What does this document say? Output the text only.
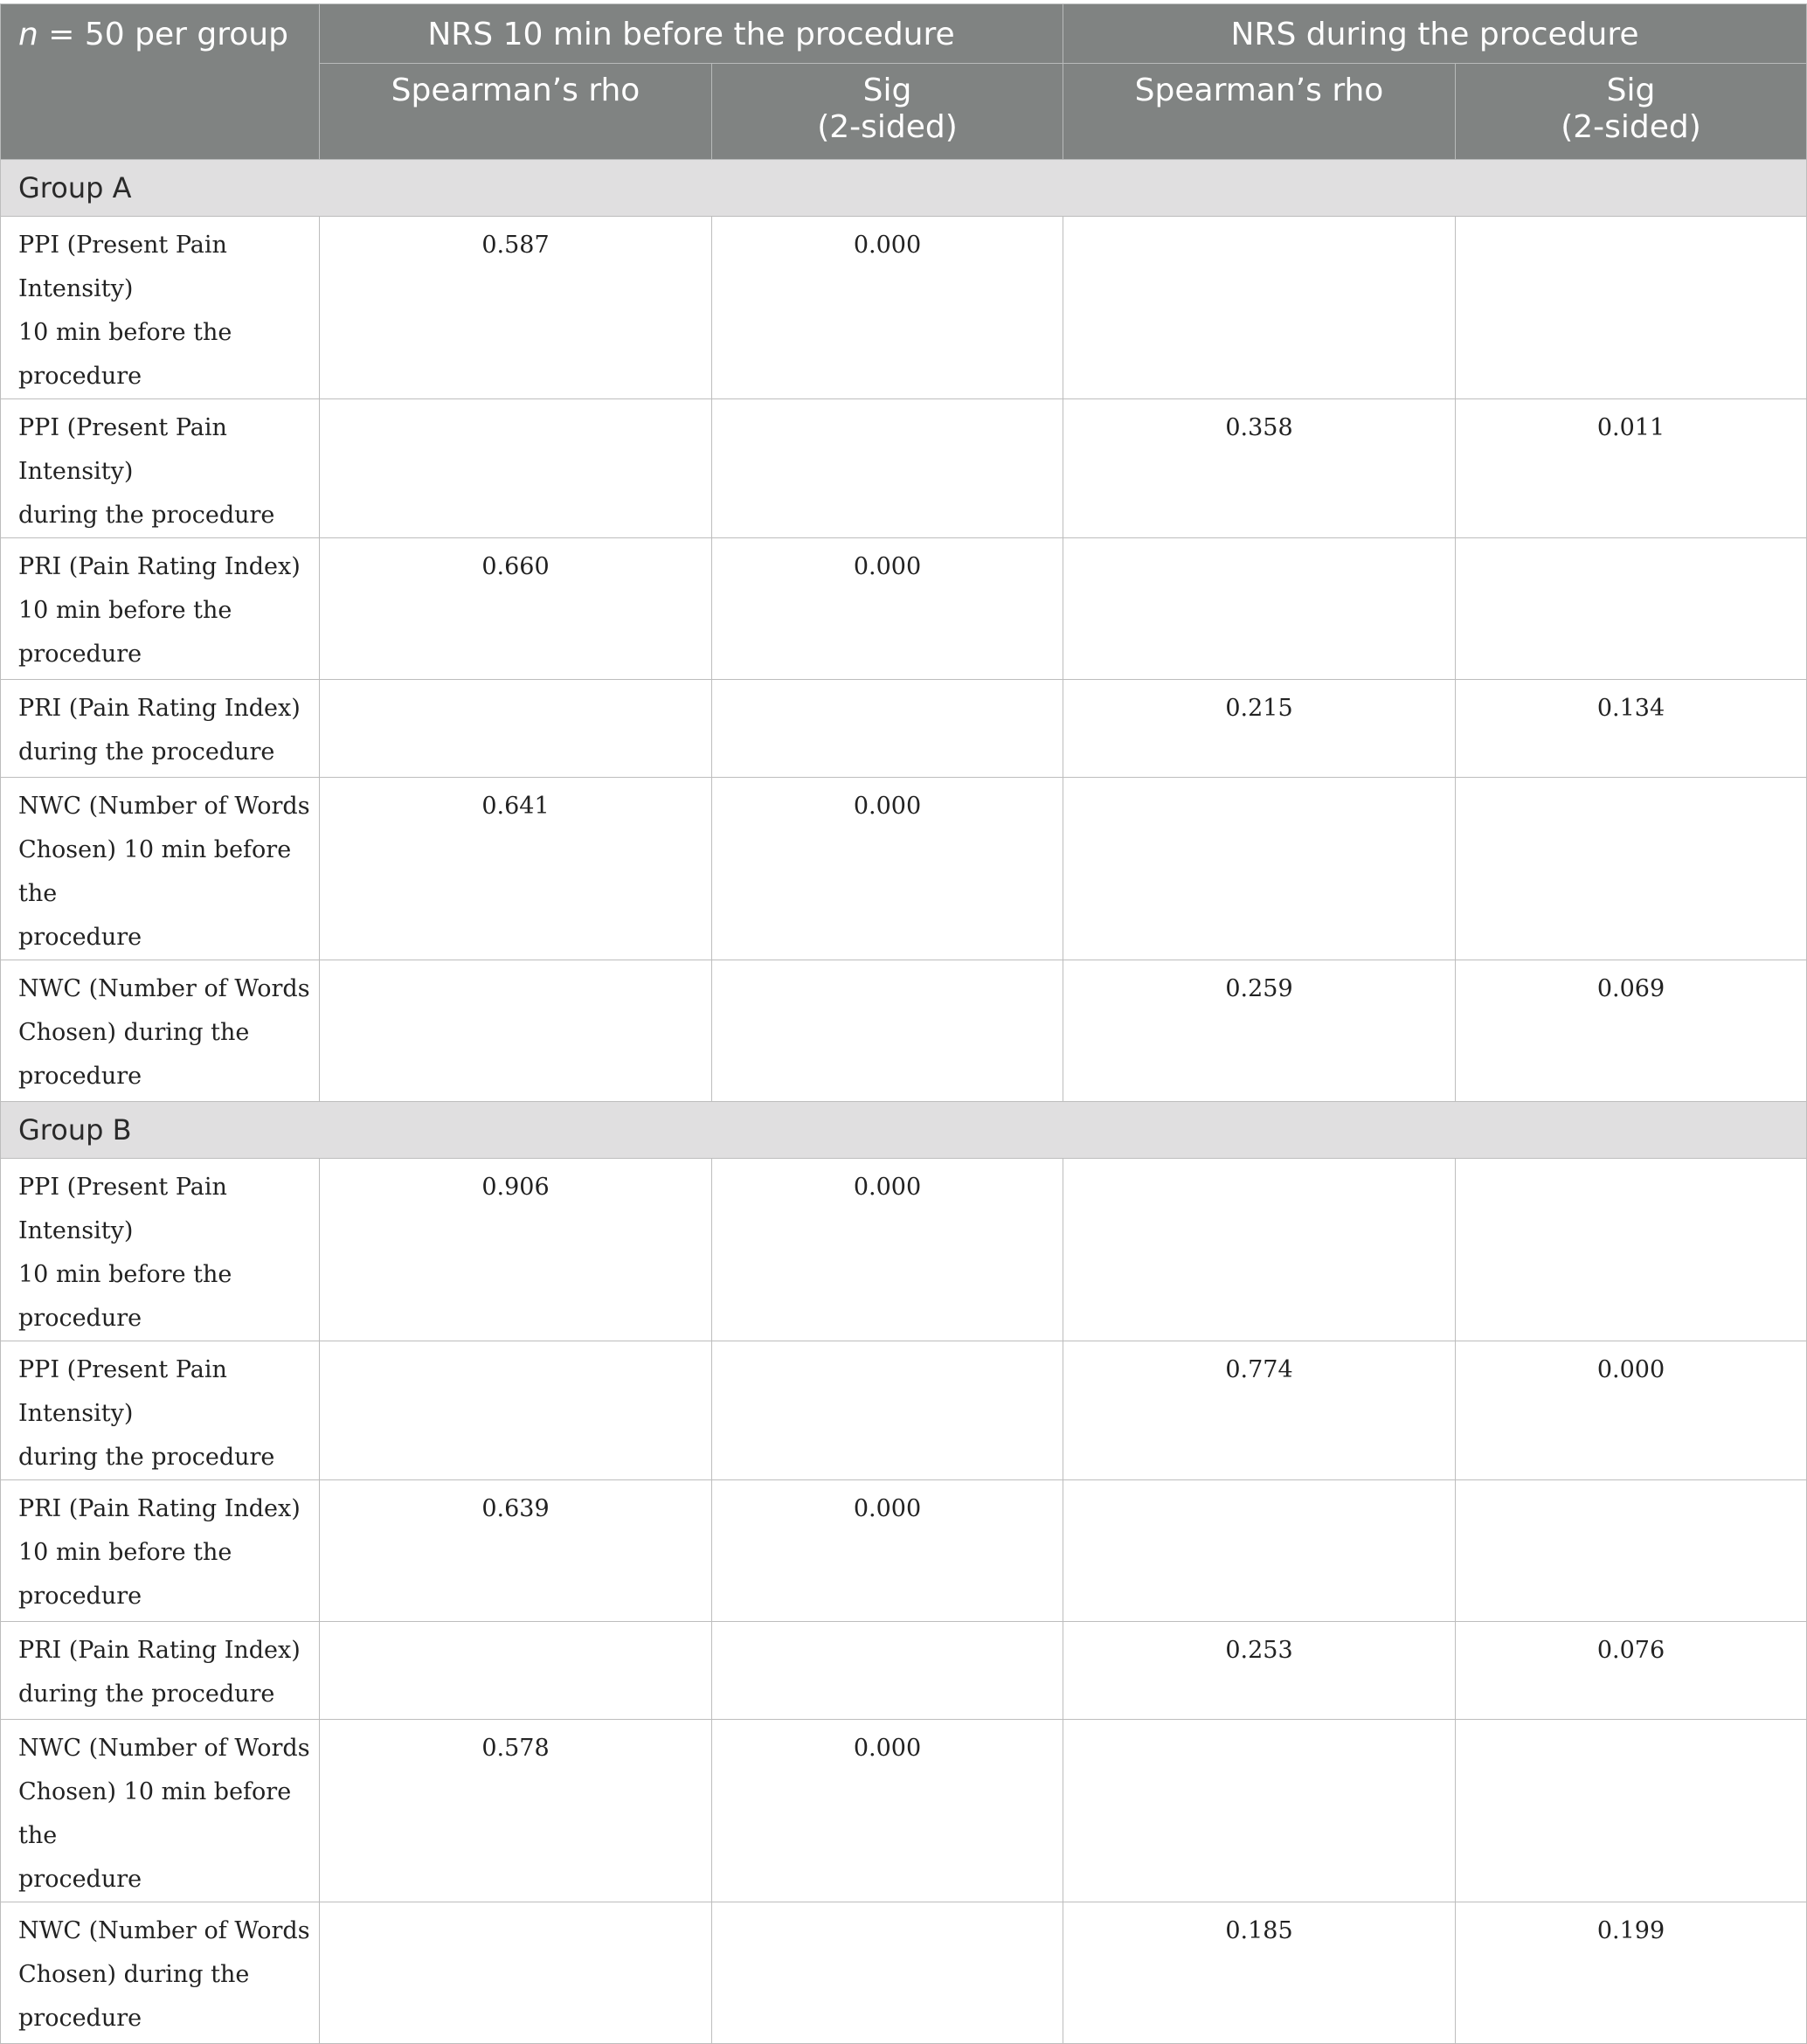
n = 50 per group	NRS 10 min before the procedure		NRS during the procedure	
	Spearman’s rho	Sig
(2-sided)	Spearman’s rho	Sig
(2-sided)

Group A				
PPI (Present Pain Intensity)
10 min before the
procedure	0.587	0.000		
PPI (Present Pain Intensity)
during the procedure			0.358	0.011
PRI (Pain Rating Index)
10 min before the
procedure	0.660	0.000		
PRI (Pain Rating Index)
during the procedure			0.215	0.134
NWC (Number of Words
Chosen) 10 min before the
procedure	0.641	0.000		
NWC (Number of Words
Chosen) during the
procedure			0.259	0.069
Group B				
PPI (Present Pain Intensity)
10 min before the
procedure	0.906	0.000		
PPI (Present Pain Intensity)
during the procedure			0.774	0.000
PRI (Pain Rating Index)
10 min before the
procedure	0.639	0.000		
PRI (Pain Rating Index)
during the procedure			0.253	0.076
NWC (Number of Words
Chosen) 10 min before the
procedure	0.578	0.000		
NWC (Number of Words
Chosen) during the
procedure			0.185	0.199
